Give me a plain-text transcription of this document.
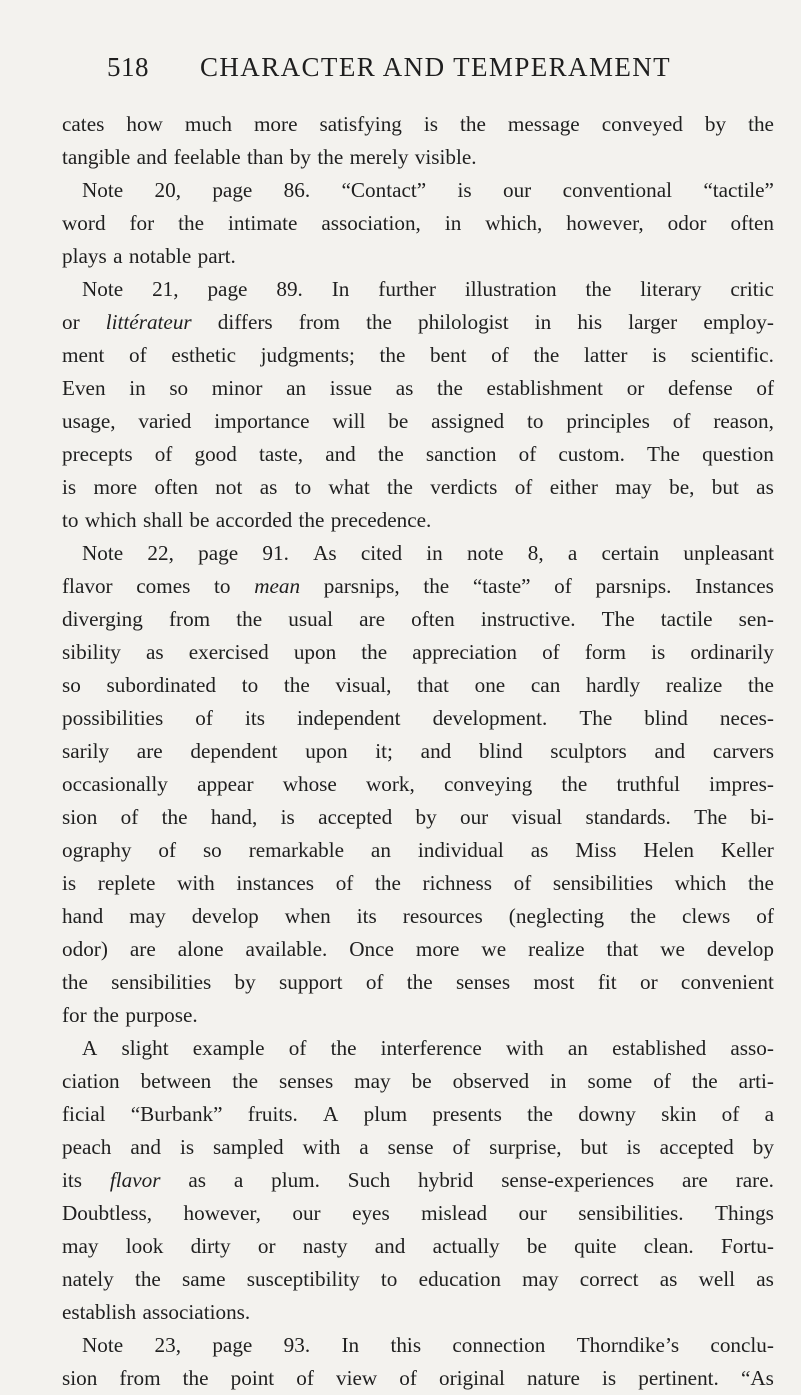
518 CHARACTER AND TEMPERAMENT
cates how much more satisfying is the message conveyed by the
tangible and feelable than by the merely visible.
Note 20, page 86. “Contact” is our conventional “tactile”
word for the intimate association, in which, however, odor often
plays a notable part.
Note 21, page 89. In further illustration the literary critic
or littérateur differs from the philologist in his larger employ-
ment of esthetic judgments; the bent of the latter is scientific.
Even in so minor an issue as the establishment or defense of
usage, varied importance will be assigned to principles of reason,
precepts of good taste, and the sanction of custom. The question
is more often not as to what the verdicts of either may be, but as
to which shall be accorded the precedence.
Note 22, page 91. As cited in note 8, a certain unpleasant
flavor comes to mean parsnips, the “taste” of parsnips. Instances
diverging from the usual are often instructive. The tactile sen-
sibility as exercised upon the appreciation of form is ordinarily
so subordinated to the visual, that one can hardly realize the
possibilities of its independent development. The blind neces-
sarily are dependent upon it; and blind sculptors and carvers
occasionally appear whose work, conveying the truthful impres-
sion of the hand, is accepted by our visual standards. The bi-
ography of so remarkable an individual as Miss Helen Keller
is replete with instances of the richness of sensibilities which the
hand may develop when its resources (neglecting the clews of
odor) are alone available. Once more we realize that we develop
the sensibilities by support of the senses most fit or convenient
for the purpose.
A slight example of the interference with an established asso-
ciation between the senses may be observed in some of the arti-
ficial “Burbank” fruits. A plum presents the downy skin of a
peach and is sampled with a sense of surprise, but is accepted by
its flavor as a plum. Such hybrid sense-experiences are rare.
Doubtless, however, our eyes mislead our sensibilities. Things
may look dirty or nasty and actually be quite clean. Fortu-
nately the same susceptibility to education may correct as well as
establish associations.
Note 23, page 93. In this connection Thorndike’s conclu-
sion from the point of view of original nature is pertinent. “As
